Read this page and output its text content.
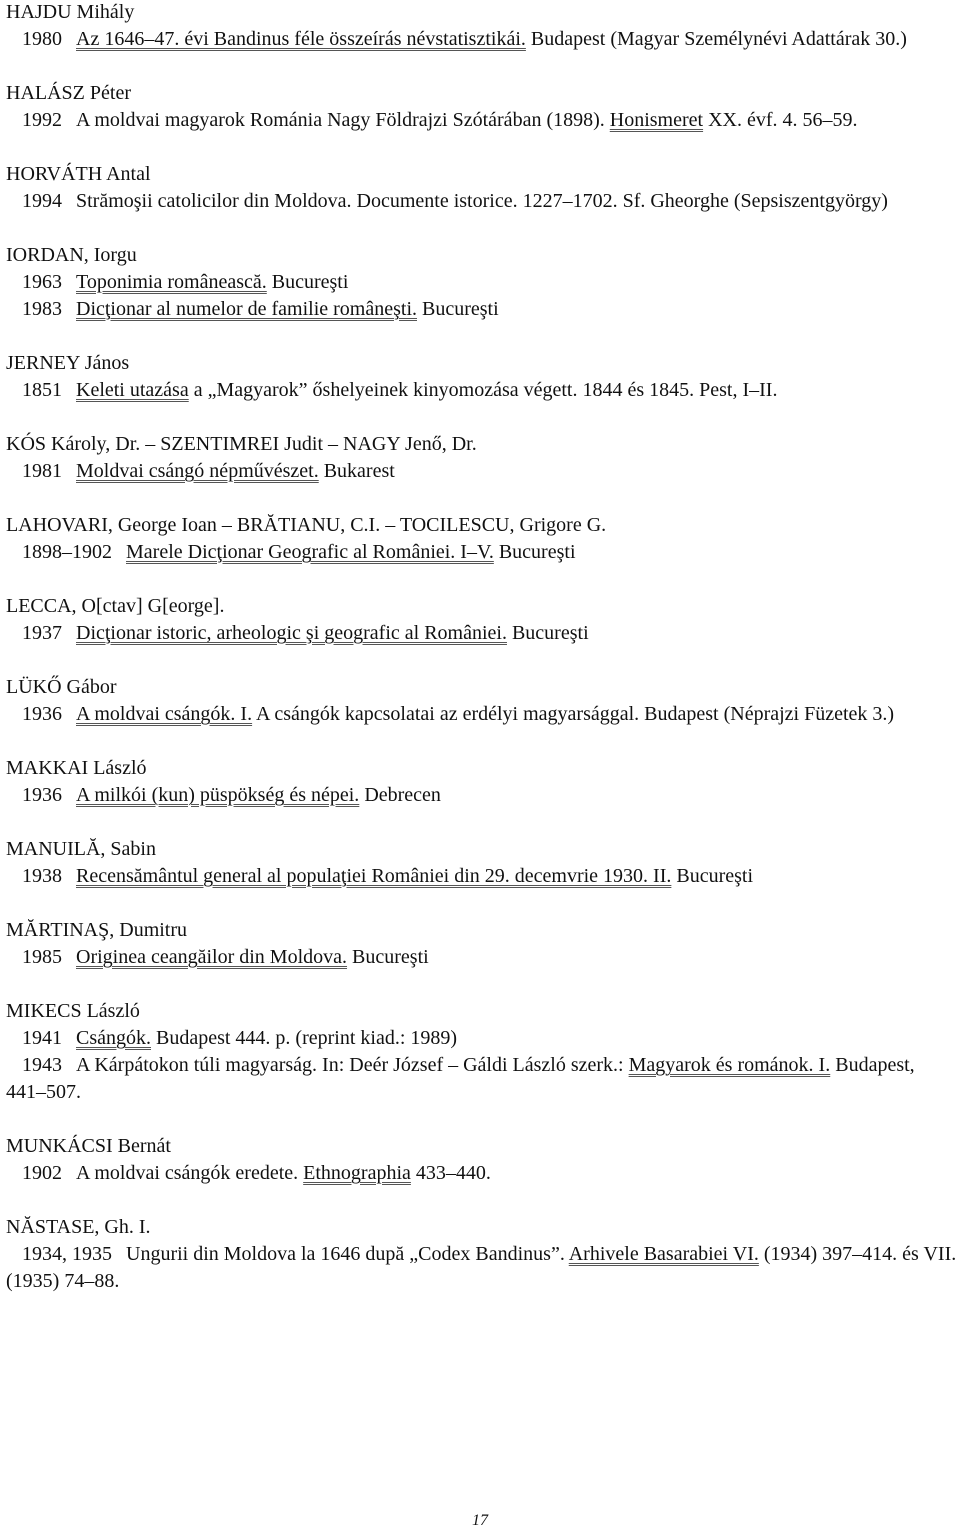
HAJDU Mihály
1980 Az 1646–47. évi Bandinus féle összeírás névstatisztikái. Budapest (Magyar Személynévi Adattárak 30.)
HALÁSZ Péter
1992 A moldvai magyarok Románia Nagy Földrajzi Szótárában (1898). Honismeret XX. évf. 4. 56–59.
HORVÁTH Antal
1994 Strămoşii catolicilor din Moldova. Documente istorice. 1227–1702. Sf. Gheorghe (Sepsiszentgyörgy)
IORDAN, Iorgu
1963 Toponimia românească. Bucureşti
1983 Dicţionar al numelor de familie româneşti. Bucureşti
JERNEY János
1851 Keleti utazása a „Magyarok” őshelyeinek kinyomozása végett. 1844 és 1845. Pest, I–II.
KÓS Károly, Dr. – SZENTIMREI Judit – NAGY Jenő, Dr.
1981 Moldvai csángó népművészet. Bukarest
LAHOVARI, George Ioan – BRĂTIANU, C.I. – TOCILESCU, Grigore G.
1898–1902 Marele Dicţionar Geografic al României. I–V. Bucureşti
LECCA, O[ctav] G[eorge].
1937 Dicţionar istoric, arheologic şi geografic al României. Bucureşti
LÜKŐ Gábor
1936 A moldvai csángók. I. A csángók kapcsolatai az erdélyi magyarsággal. Budapest (Néprajzi Füzetek 3.)
MAKKAI László
1936 A milkói (kun) püspökség és népei. Debrecen
MANUILĂ, Sabin
1938 Recensământul general al populaţiei României din 29. decemvrie 1930. II. Bucureşti
MĂRTINAŞ, Dumitru
1985 Originea ceangăilor din Moldova. Bucureşti
MIKECS László
1941 Csángók. Budapest 444. p. (reprint kiad.: 1989)
1943 A Kárpátokon túli magyarság. In: Deér József – Gáldi László szerk.: Magyarok és románok. I. Budapest, 441–507.
MUNKÁCSI Bernát
1902 A moldvai csángók eredete. Ethnographia 433–440.
NĂSTASE, Gh. I.
1934, 1935 Ungurii din Moldova la 1646 după „Codex Bandinus”. Arhivele Basarabiei VI. (1934) 397–414. és VII. (1935) 74–88.
17
